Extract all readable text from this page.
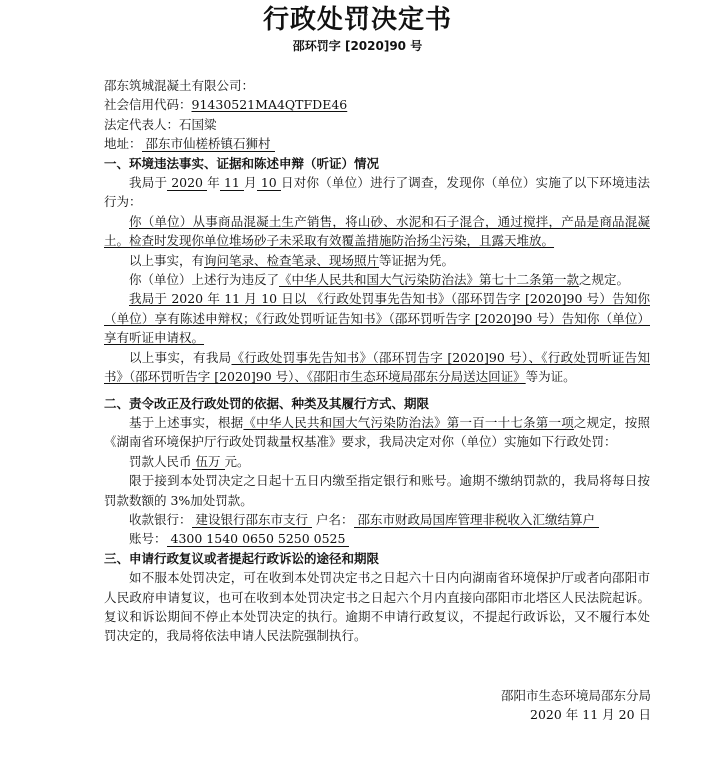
行政处罚决定书
邵环罚字 [2020]90 号

邵东筑城混凝土有限公司：

社会信用代码：91430521MA4QTFDE46

法定代表人：石国粱

地址： 邵东市仙槎桥镇石狮村

一、环境违法事实、证据和陈述申辩（听证）情况

我局于 2020 年 11 月 10 日对你（单位）进行了调查，发现你（单位）实施了以下环境违法行为：

你（单位）从事商品混凝土生产销售，将山砂、水泥和石子混合，通过搅拌，产品是商品混凝土。检查时发现你单位堆场砂子未采取有效覆盖措施防治扬尘污染，且露天堆放。

以上事实，有询问笔录、检查笔录、现场照片等证据为凭。

你（单位）上述行为违反了《中华人民共和国大气污染防治法》第七十二条第一款之规定。

我局于 2020 年 11 月 10 日以 《行政处罚事先告知书》（邵环罚告字 [2020]90 号）告知你（单位）享有陈述申辩权；《行政处罚听证告知书》（邵环罚听告字 [2020]90 号）告知你（单位）享有听证申请权。

以上事实，有我局《行政处罚事先告知书》（邵环罚告字 [2020]90 号）、《行政处罚听证告知书》（邵环罚听告字 [2020]90 号）、《邵阳市生态环境局邵东分局送达回证》等为证。

二、责令改正及行政处罚的依据、种类及其履行方式、期限

基于上述事实，根据《中华人民共和国大气污染防治法》第一百一十七条第一项之规定，按照《湖南省环境保护厅行政处罚裁量权基准》要求，我局决定对你（单位）实施如下行政处罚：

罚款人民币 伍万 元。

限于接到本处罚决定之日起十五日内缴至指定银行和账号。逾期不缴纳罚款的，我局将每日按罚款数额的 3%加处罚款。

收款银行： 建设银行邵东市支行 户名： 邵东市财政局国库管理非税收入汇缴结算户

账号： 4300 1540 0650 5250 0525

三、申请行政复议或者提起行政诉讼的途径和期限

如不服本处罚决定，可在收到本处罚决定书之日起六十日内向湖南省环境保护厅或者向邵阳市人民政府申请复议，也可在收到本处罚决定书之日起六个月内直接向邵阳市北塔区人民法院起诉。复议和诉讼期间不停止本处罚决定的执行。逾期不申请行政复议，不提起行政诉讼，又不履行本处罚决定的，我局将依法申请人民法院强制执行。

邵阳市生态环境局邵东分局
2020 年 11 月 20 日
